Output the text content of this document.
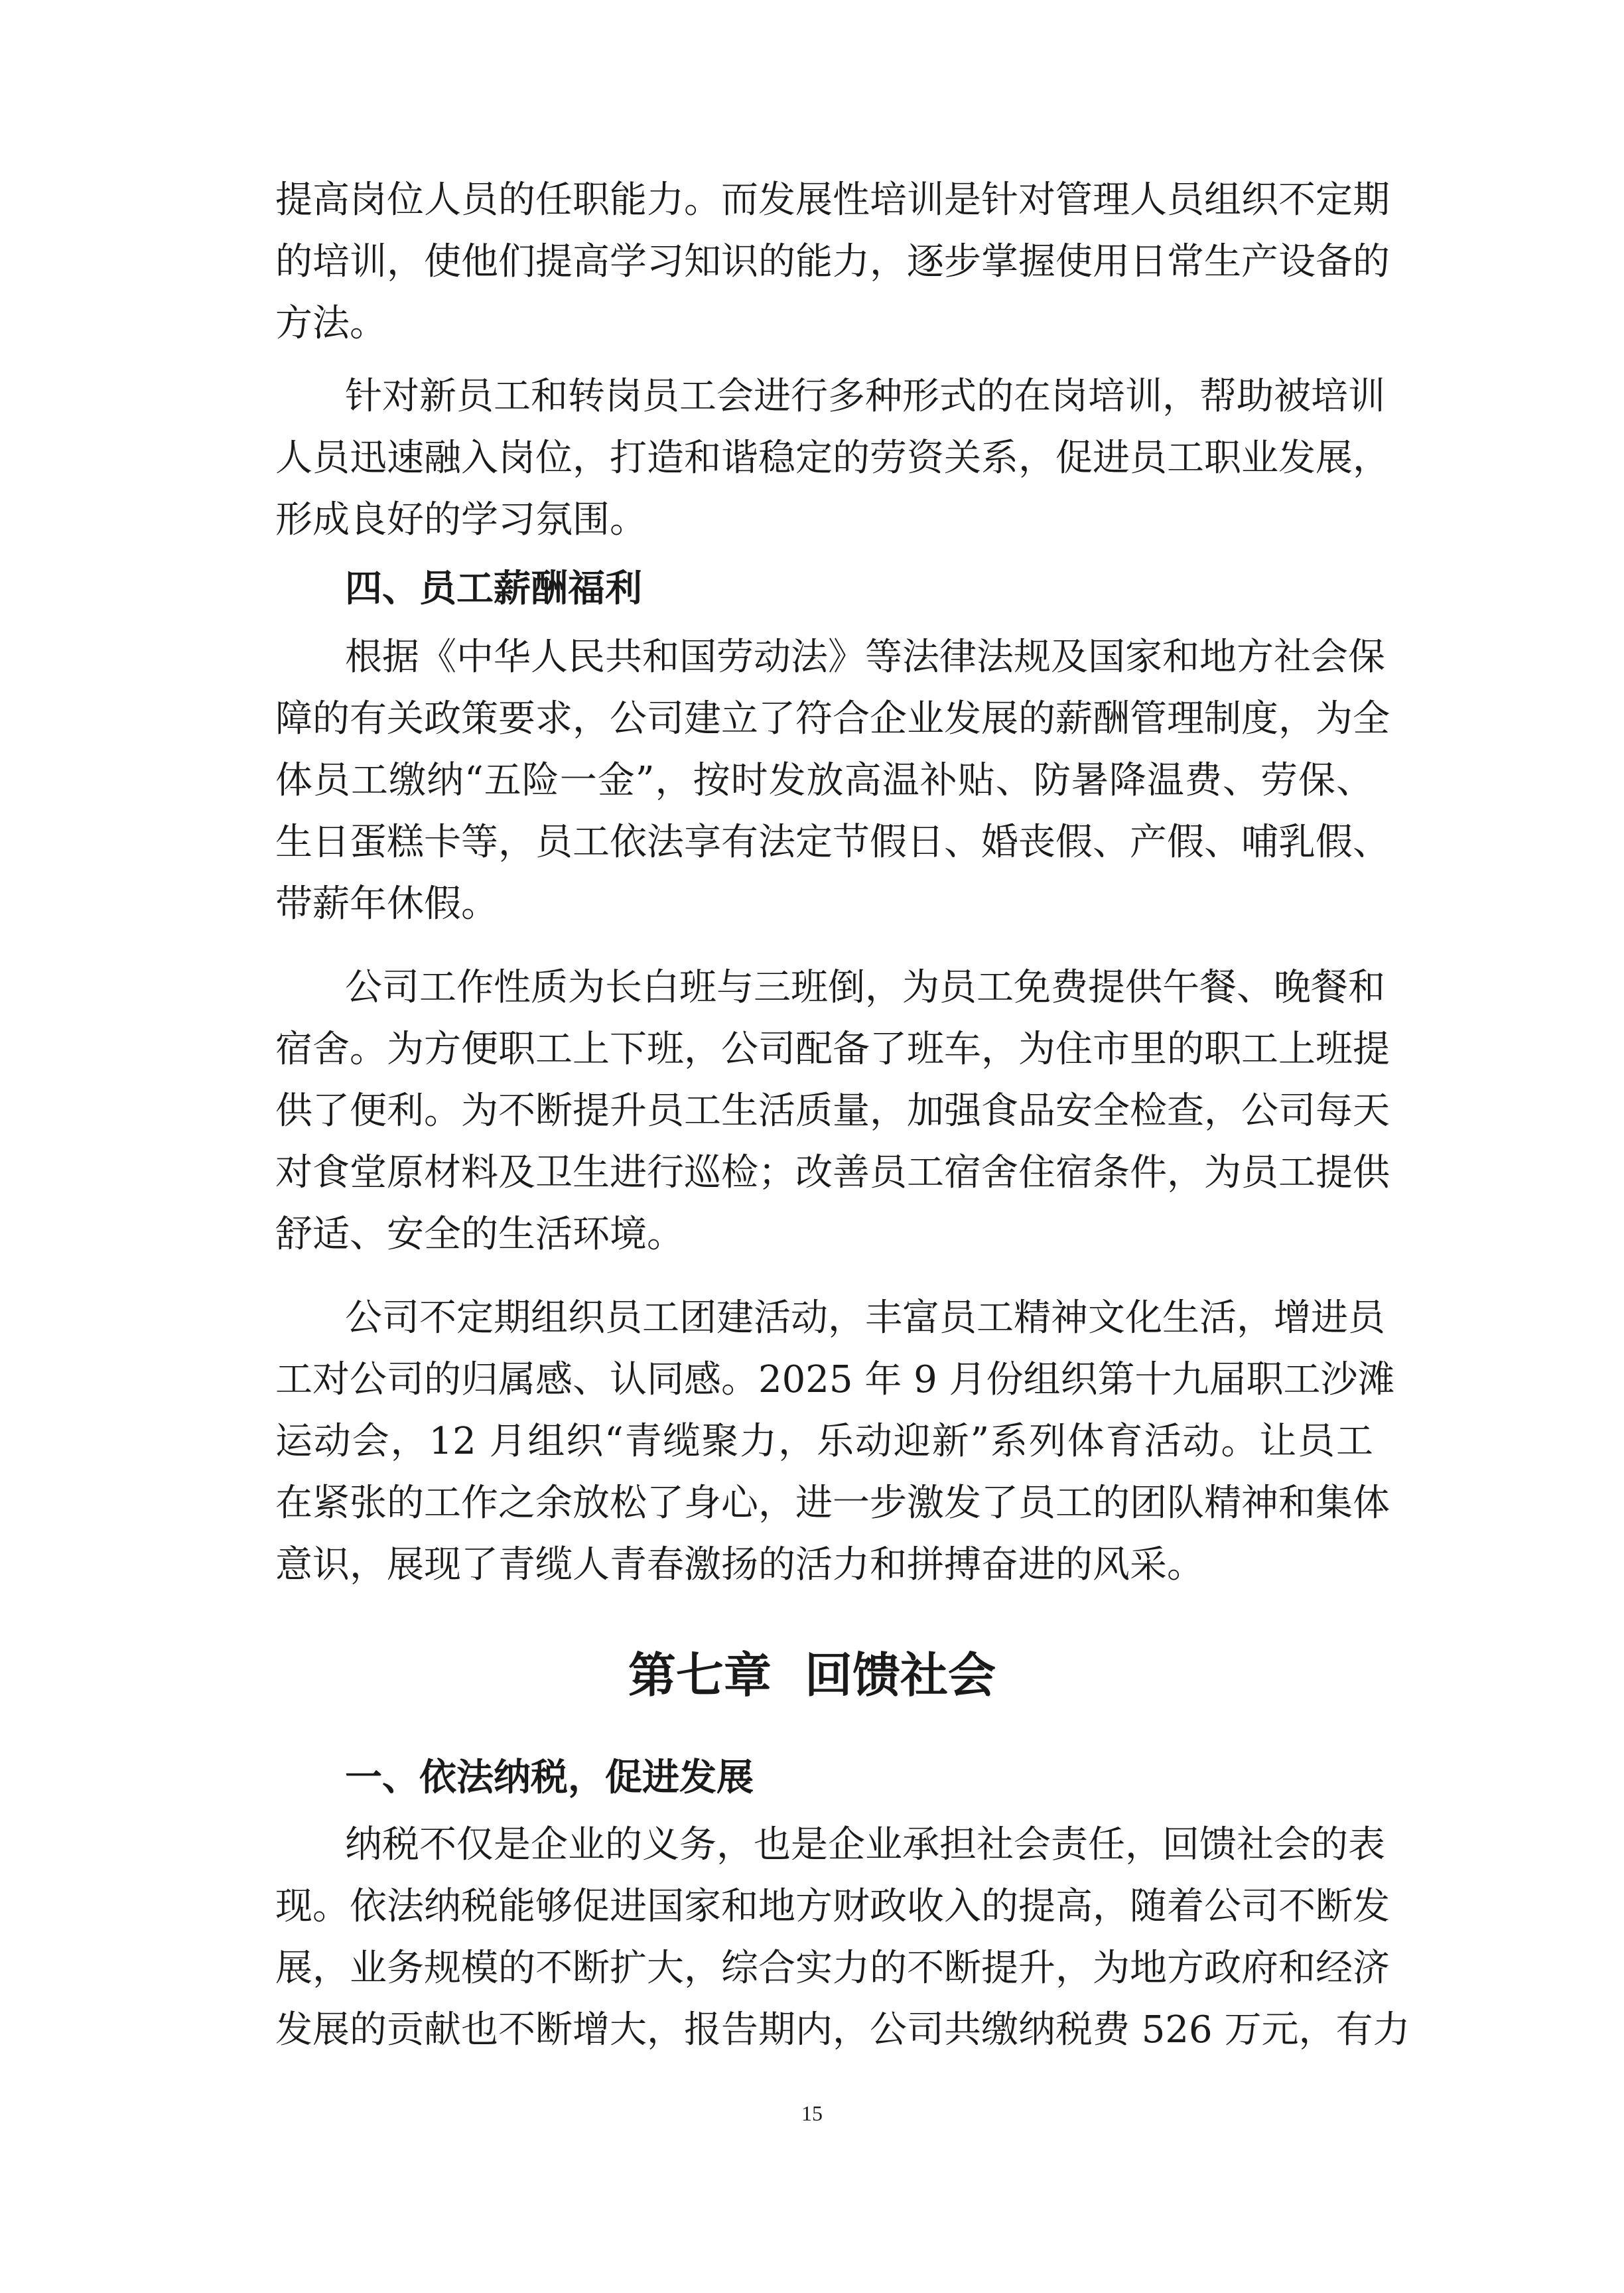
提高岗位人员的任职能力。而发展性培训是针对管理人员组织不定期
的培训，使他们提高学习知识的能力，逐步掌握使用日常生产设备的
方法。
针对新员工和转岗员工会进行多种形式的在岗培训，帮助被培训
人员迅速融入岗位，打造和谐稳定的劳资关系，促进员工职业发展，
形成良好的学习氛围。
四、员工薪酬福利
根据《中华人民共和国劳动法》等法律法规及国家和地方社会保
障的有关政策要求，公司建立了符合企业发展的薪酬管理制度，为全
体员工缴纳“五险一金”，按时发放高温补贴、防暑降温费、劳保、
生日蛋糕卡等，员工依法享有法定节假日、婚丧假、产假、哺乳假、
带薪年休假。
公司工作性质为长白班与三班倒，为员工免费提供午餐、晚餐和
宿舍。为方便职工上下班，公司配备了班车，为住市里的职工上班提
供了便利。为不断提升员工生活质量，加强食品安全检查，公司每天
对食堂原材料及卫生进行巡检；改善员工宿舍住宿条件，为员工提供
舒适、安全的生活环境。
公司不定期组织员工团建活动，丰富员工精神文化生活，增进员
工对公司的归属感、认同感。2025 年 9 月份组织第十九届职工沙滩
运动会，12 月组织“青缆聚力，乐动迎新”系列体育活动。让员工
在紧张的工作之余放松了身心，进一步激发了员工的团队精神和集体
意识，展现了青缆人青春激扬的活力和拼搏奋进的风采。
第七章  回馈社会
一、依法纳税，促进发展
纳税不仅是企业的义务，也是企业承担社会责任，回馈社会的表
现。依法纳税能够促进国家和地方财政收入的提高，随着公司不断发
展，业务规模的不断扩大，综合实力的不断提升，为地方政府和经济
发展的贡献也不断增大，报告期内，公司共缴纳税费 526 万元，有力
15
